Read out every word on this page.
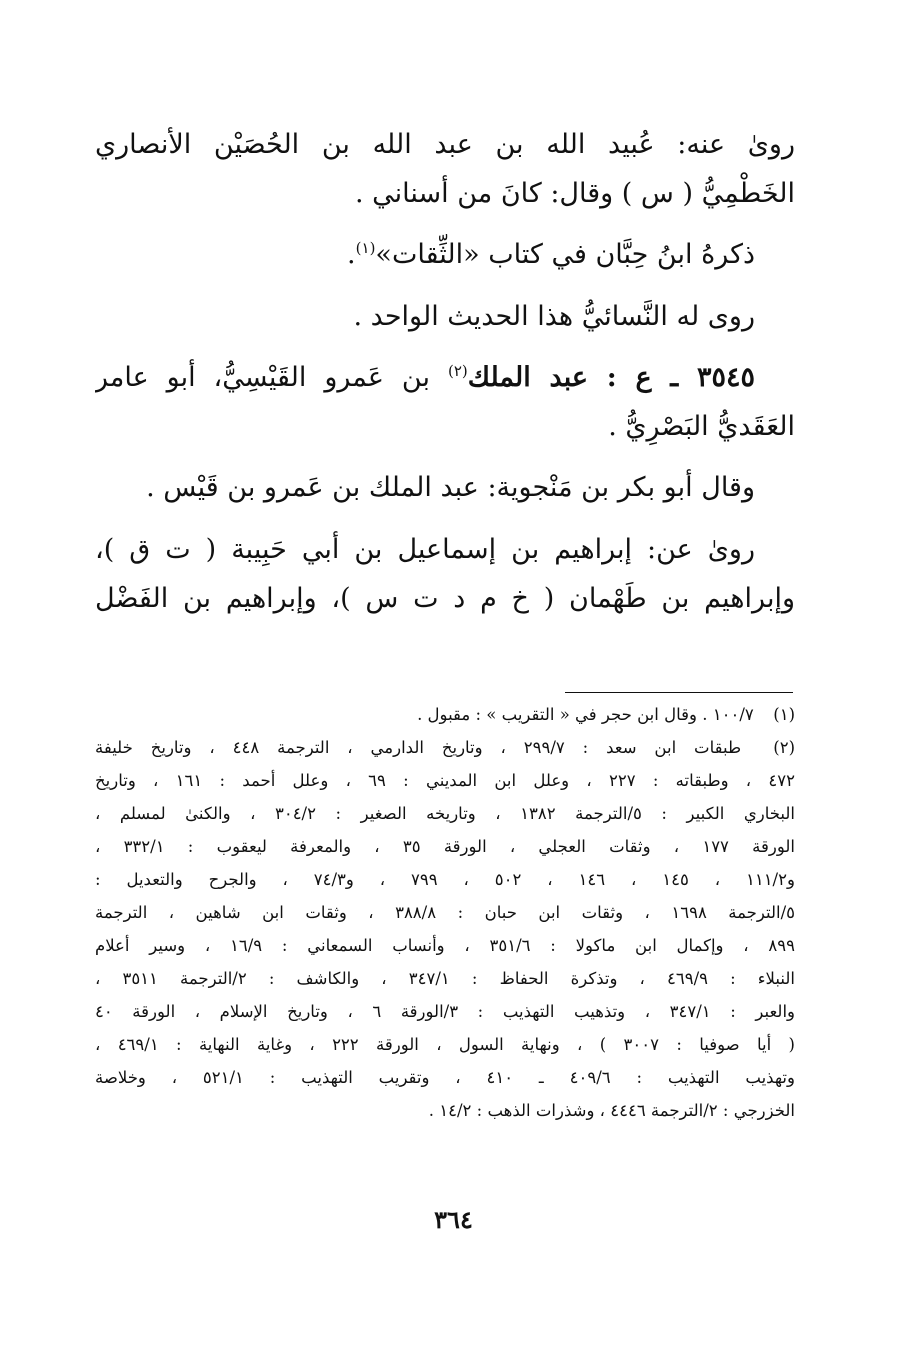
رویٰ عنه: عُبيد الله بن عبد الله بن الحُصَيْن الأنصاري
الخَطْمِيُّ ( س ) وقال: كانَ من أسناني .
ذكرهُ ابنُ حِبَّان في كتاب «الثِّقات»$^{(١)}$.
روى له النَّسائيُّ هذا الحديث الواحد .
٣٥٤٥ ـ ع : عبد الملك$^{(٢)}$ بن عَمرو القَيْسِيُّ، أبو عامر
العَقَديُّ البَصْرِيُّ .
وقال أبو بكر بن مَنْجوية: عبد الملك بن عَمرو بن قَيْس .
رویٰ عن: إبراهيم بن إسماعيل بن أبي حَبِيبة ( ت ق )،
وإبراهيم بن طَهْمان ( خ م د ت س )، وإبراهيم بن الفَضْل
(١) ١٠٠/٧ . وقال ابن حجر في « التقريب » : مقبول .
(٢) طبقات ابن سعد : ٢٩٩/٧ ، وتاريخ الدارمي ، الترجمة ٤٤٨ ، وتاريخ خليفة
٤٧٢ ، وطبقاته : ٢٢٧ ، وعلل ابن المديني : ٦٩ ، وعلل أحمد : ١٦١ ، وتاريخ
البخاري الكبير : ٥/الترجمة ١٣٨٢ ، وتاريخه الصغير : ٣٠٤/٢ ، والكنىٰ لمسلم ،
الورقة ١٧٧ ، وثقات العجلي ، الورقة ٣٥ ، والمعرفة ليعقوب : ٣٣٢/١ ،
و١١١/٢ ، ١٤٥ ، ١٤٦ ، ٥٠٢ ، ٧٩٩ ، و٧٤/٣ ، والجرح والتعديل :
٥/الترجمة ١٦٩٨ ، وثقات ابن حبان : ٣٨٨/٨ ، وثقات ابن شاهين ، الترجمة
٨٩٩ ، وإكمال ابن ماكولا : ٣٥١/٦ ، وأنساب السمعاني : ١٦/٩ ، وسير أعلام
النبلاء : ٤٦٩/٩ ، وتذكرة الحفاظ : ٣٤٧/١ ، والكاشف : ٢/الترجمة ٣٥١١ ،
والعبر : ٣٤٧/١ ، وتذهيب التهذيب : ٣/الورقة ٦ ، وتاريخ الإسلام ، الورقة ٤٠
( أيا صوفيا : ٣٠٠٧ ) ، ونهاية السول ، الورقة ٢٢٢ ، وغاية النهاية : ٤٦٩/١ ،
وتهذيب التهذيب : ٤٠٩/٦ ـ ٤١٠ ، وتقريب التهذيب : ٥٢١/١ ، وخلاصة
الخزرجي : ٢/الترجمة ٤٤٤٦ ، وشذرات الذهب : ١٤/٢ .
٣٦٤
